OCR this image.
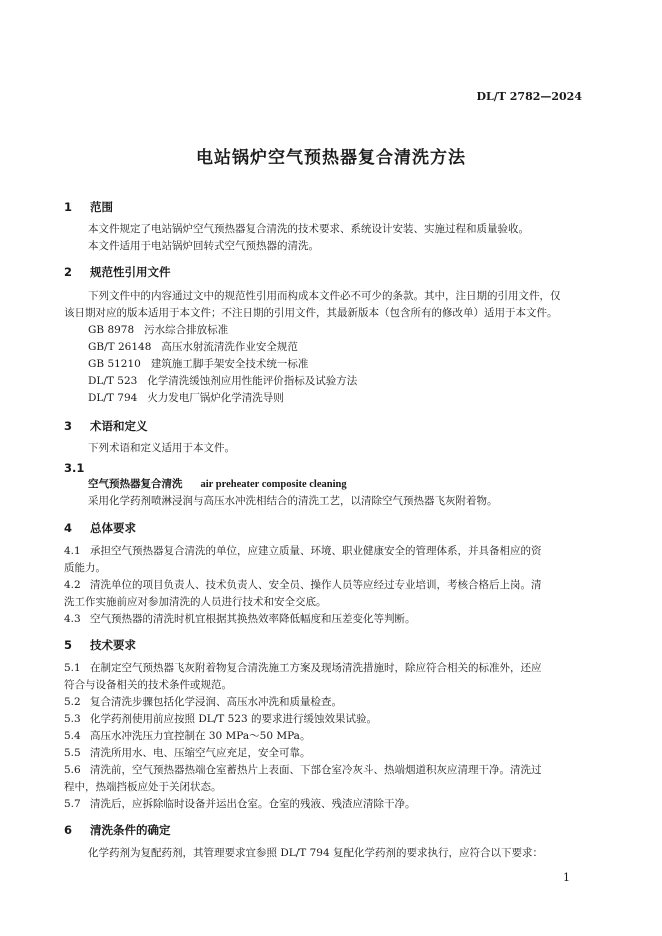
DL/T 2782—2024
电站锅炉空气预热器复合清洗方法
1 范围
本文件规定了电站锅炉空气预热器复合清洗的技术要求、系统设计安装、实施过程和质量验收。
本文件适用于电站锅炉回转式空气预热器的清洗。
2 规范性引用文件
下列文件中的内容通过文中的规范性引用而构成本文件必不可少的条款。其中，注日期的引用文件，仅
该日期对应的版本适用于本文件；不注日期的引用文件，其最新版本（包含所有的修改单）适用于本文件。
GB 8978 污水综合排放标准
GB/T 26148 高压水射流清洗作业安全规范
GB 51210 建筑施工脚手架安全技术统一标准
DL/T 523 化学清洗缓蚀剂应用性能评价指标及试验方法
DL/T 794 火力发电厂锅炉化学清洗导则
3 术语和定义
下列术语和定义适用于本文件。
3.1
空气预热器复合清洗 air preheater composite cleaning
采用化学药剂喷淋浸润与高压水冲洗相结合的清洗工艺，以清除空气预热器飞灰附着物。
4 总体要求
4.1 承担空气预热器复合清洗的单位，应建立质量、环境、职业健康安全的管理体系，并具备相应的资
质能力。
4.2 清洗单位的项目负责人、技术负责人、安全员、操作人员等应经过专业培训，考核合格后上岗。清
洗工作实施前应对参加清洗的人员进行技术和安全交底。
4.3 空气预热器的清洗时机宜根据其换热效率降低幅度和压差变化等判断。
5 技术要求
5.1 在制定空气预热器飞灰附着物复合清洗施工方案及现场清洗措施时，除应符合相关的标准外，还应
符合与设备相关的技术条件或规范。
5.2 复合清洗步骤包括化学浸润、高压水冲洗和质量检查。
5.3 化学药剂使用前应按照 DL/T 523 的要求进行缓蚀效果试验。
5.4 高压水冲洗压力宜控制在 30 MPa～50 MPa。
5.5 清洗所用水、电、压缩空气应充足，安全可靠。
5.6 清洗前，空气预热器热端仓室蓄热片上表面、下部仓室冷灰斗、热端烟道积灰应清理干净。清洗过
程中，热端挡板应处于关闭状态。
5.7 清洗后，应拆除临时设备并运出仓室。仓室的残液、残渣应清除干净。
6 清洗条件的确定
化学药剂为复配药剂，其管理要求宜参照 DL/T 794 复配化学药剂的要求执行，应符合以下要求：
1
